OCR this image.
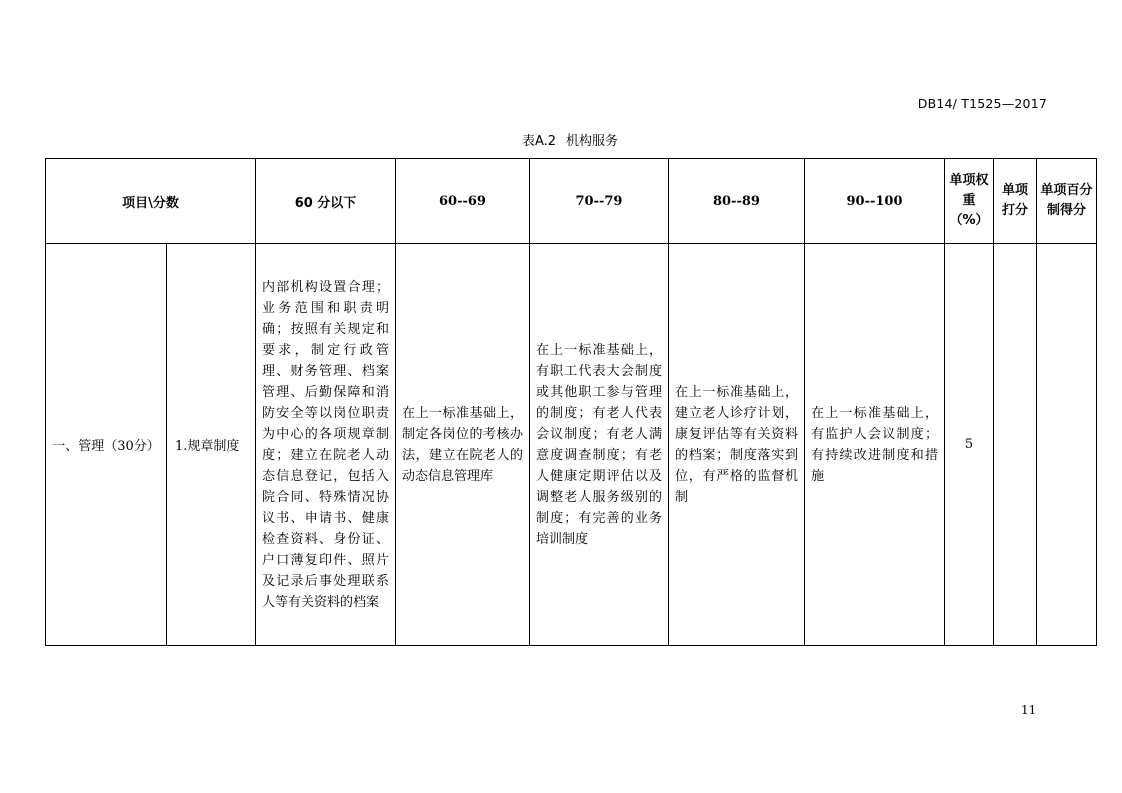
DB14/ T1525—2017
表A.2 机构服务
项目\分数		60 分以下	60--69	70--79	80--89	90--100	单项权重（%）	单项打分	单项百分制得分
一、管理（30分）	1.规章制度	内部机构设置合理；业务范围和职责明确；按照有关规定和要求，制定行政管理、财务管理、档案管理、后勤保障和消防安全等以岗位职责为中心的各项规章制度；建立在院老人动态信息登记，包括入院合同、特殊情况协议书、申请书、健康检查资料、身份证、户口薄复印件、照片及记录后事处理联系人等有关资料的档案	在上一标准基础上，制定各岗位的考核办法，建立在院老人的动态信息管理库	在上一标准基础上，有职工代表大会制度或其他职工参与管理的制度；有老人代表会议制度；有老人满意度调查制度；有老人健康定期评估以及调整老人服务级别的制度；有完善的业务培训制度	在上一标准基础上，建立老人诊疗计划，康复评估等有关资料的档案；制度落实到位，有严格的监督机制	在上一标准基础上，有监护人会议制度；有持续改进制度和措施	5		
11
